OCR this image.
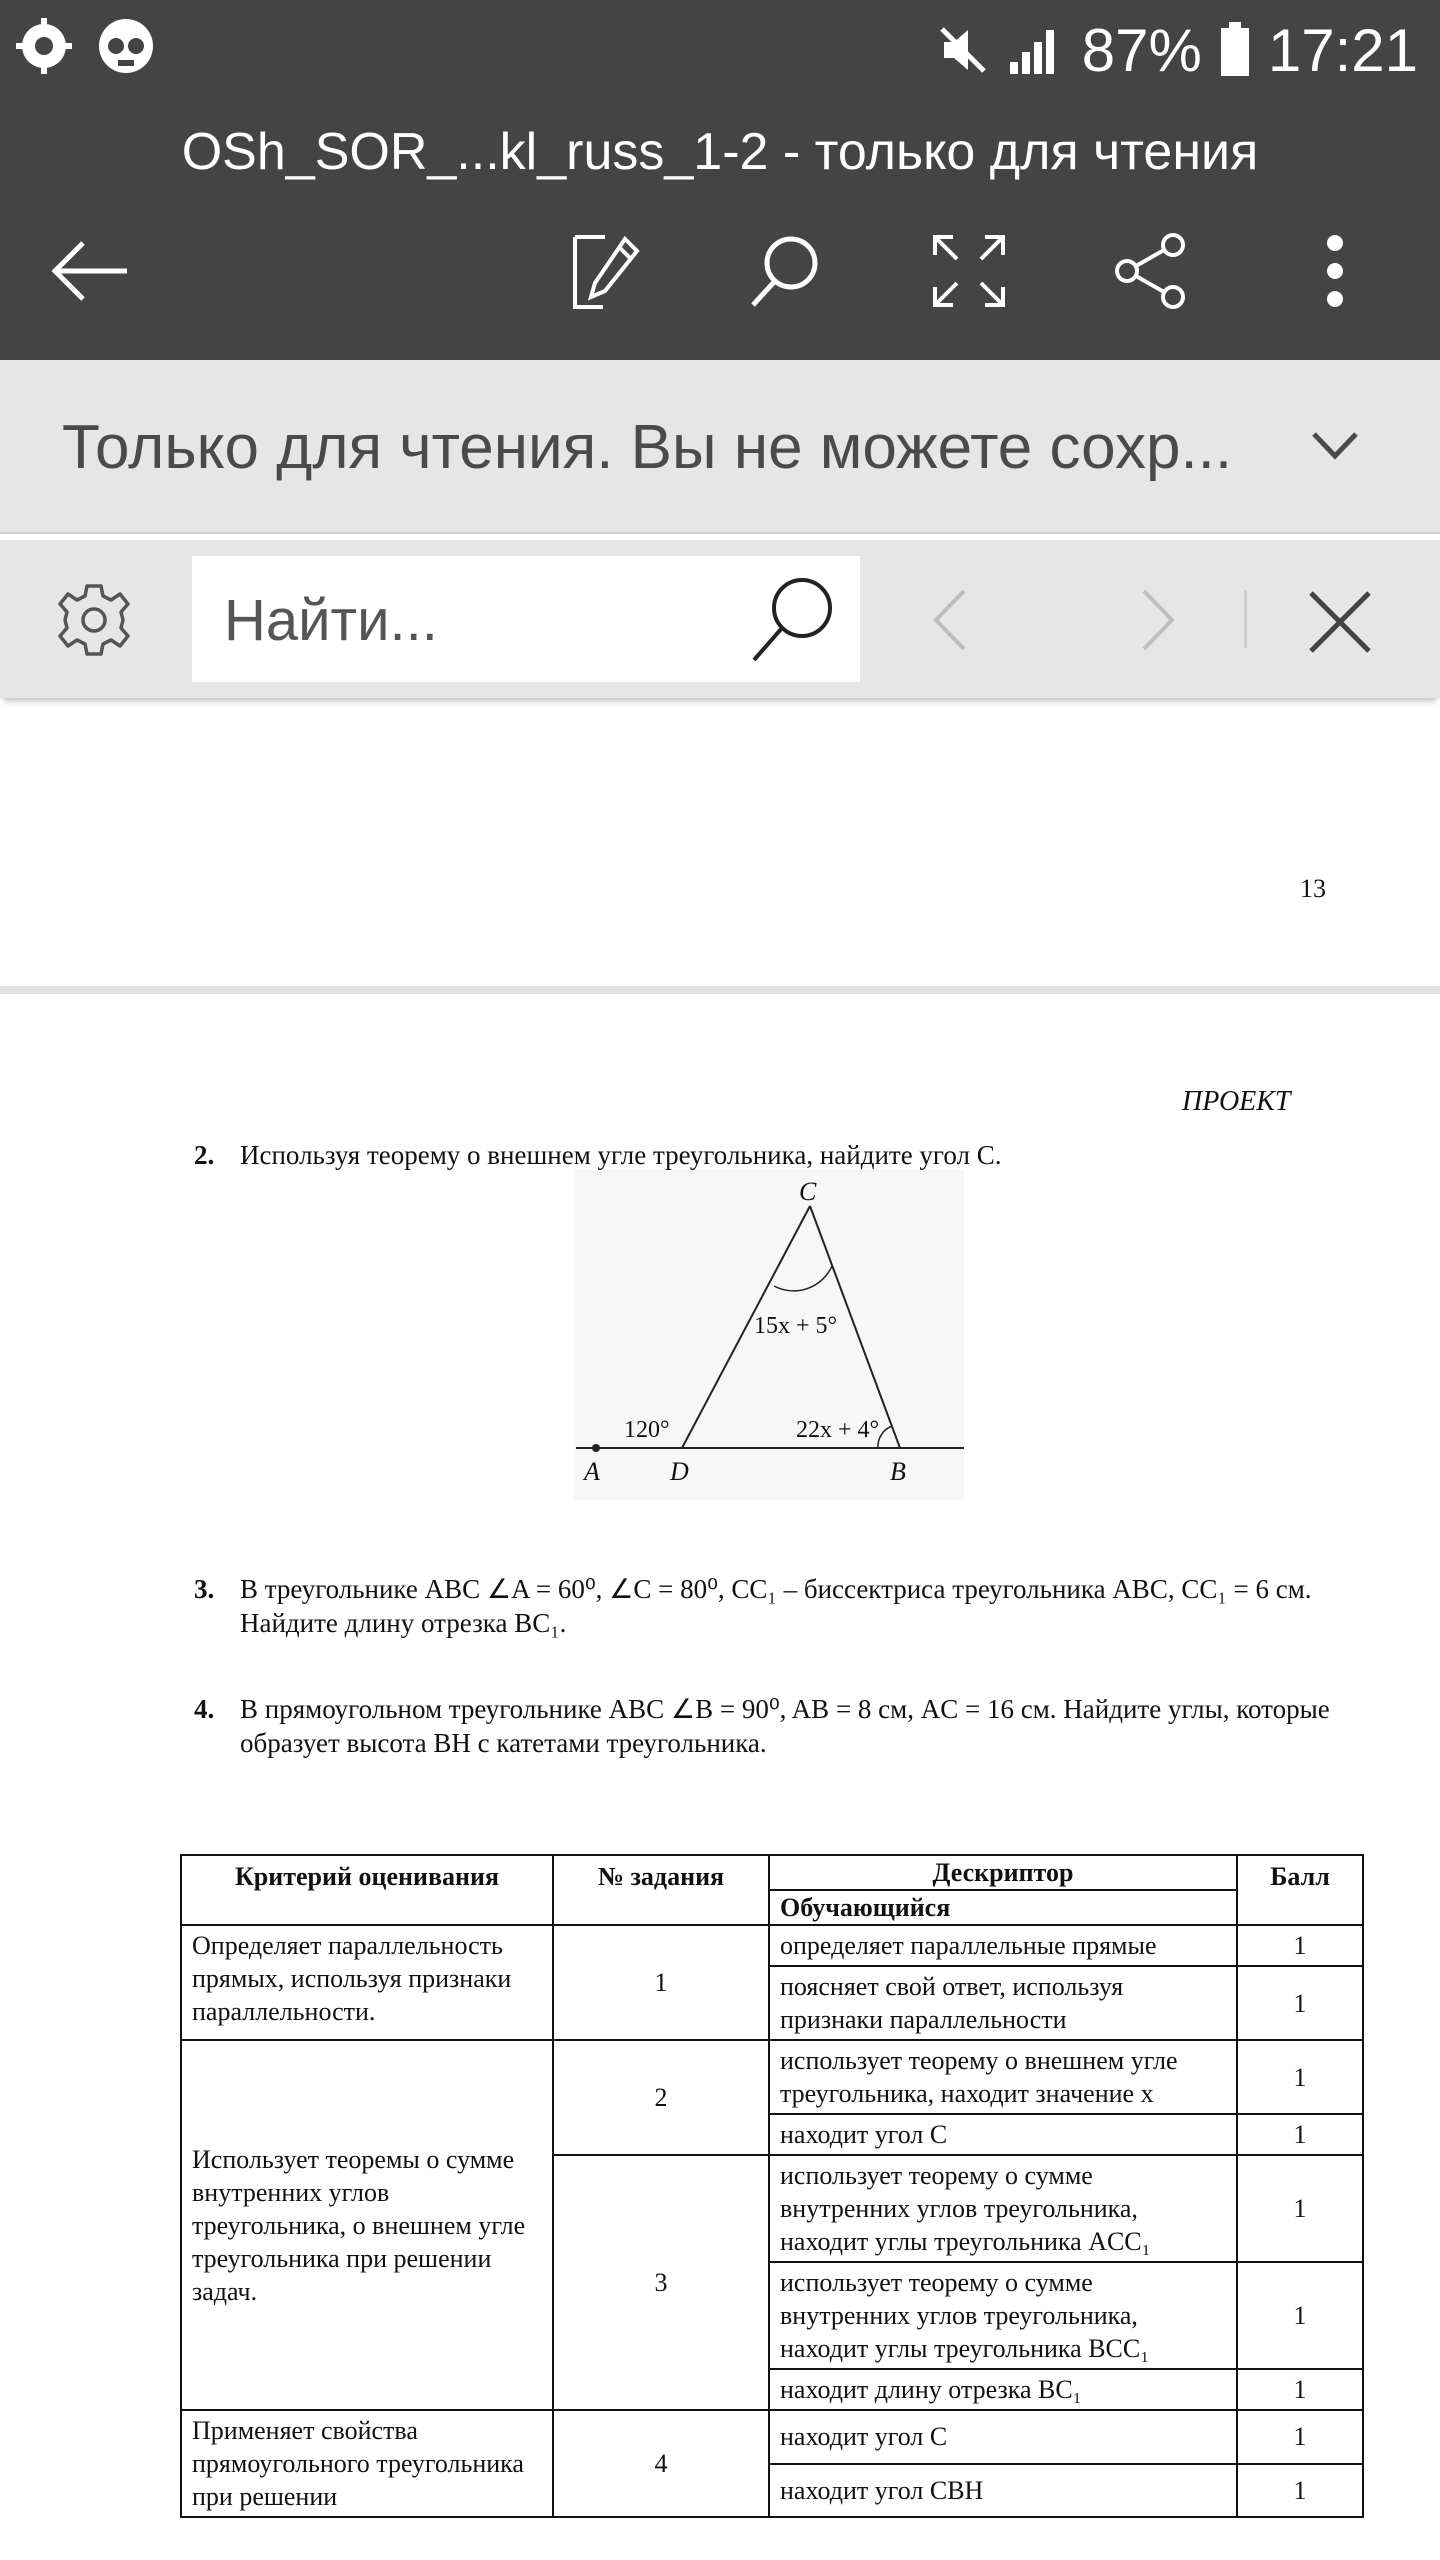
87% 17:21
OSh_SOR_...kl_russ_1-2 - только для чтения
Только для чтения. Вы не можете сохр...
Найти...
13
ПРОЕКТ
2. Используя теорему о внешнем угле треугольника, найдите угол C.
C
A	D	B
15x + 5°
120°	22x + 4°
3. В треугольнике ABC ∠A = 60⁰, ∠C = 80⁰, CC₁ – биссектриса треугольника ABC, CC₁ = 6 см. Найдите длину отрезка BC₁.
4. В прямоугольном треугольнике ABC ∠B = 90⁰, AB = 8 см, AC = 16 см. Найдите углы, которые образует высота BH с катетами треугольника.
Критерий оценивания	№ задания	Дескриптор	Балл
		Обучающийся	
Определяет параллельность прямых, используя признаки параллельности.	1	определяет параллельные прямые	1
		поясняет свой ответ, используя признаки параллельности	1
Использует теоремы о сумме внутренних углов треугольника, о внешнем угле треугольника при решении задач.	2	использует теорему о внешнем угле треугольника, находит значение x	1
		находит угол C	1
	3	использует теорему о сумме внутренних углов треугольника, находит углы треугольника ACC₁	1
		использует теорему о сумме внутренних углов треугольника, находит углы треугольника BCC₁	1
		находит длину отрезка BC₁	1
Применяет свойства прямоугольного треугольника при решении	4	находит угол C	1
		находит угол CBH	1
